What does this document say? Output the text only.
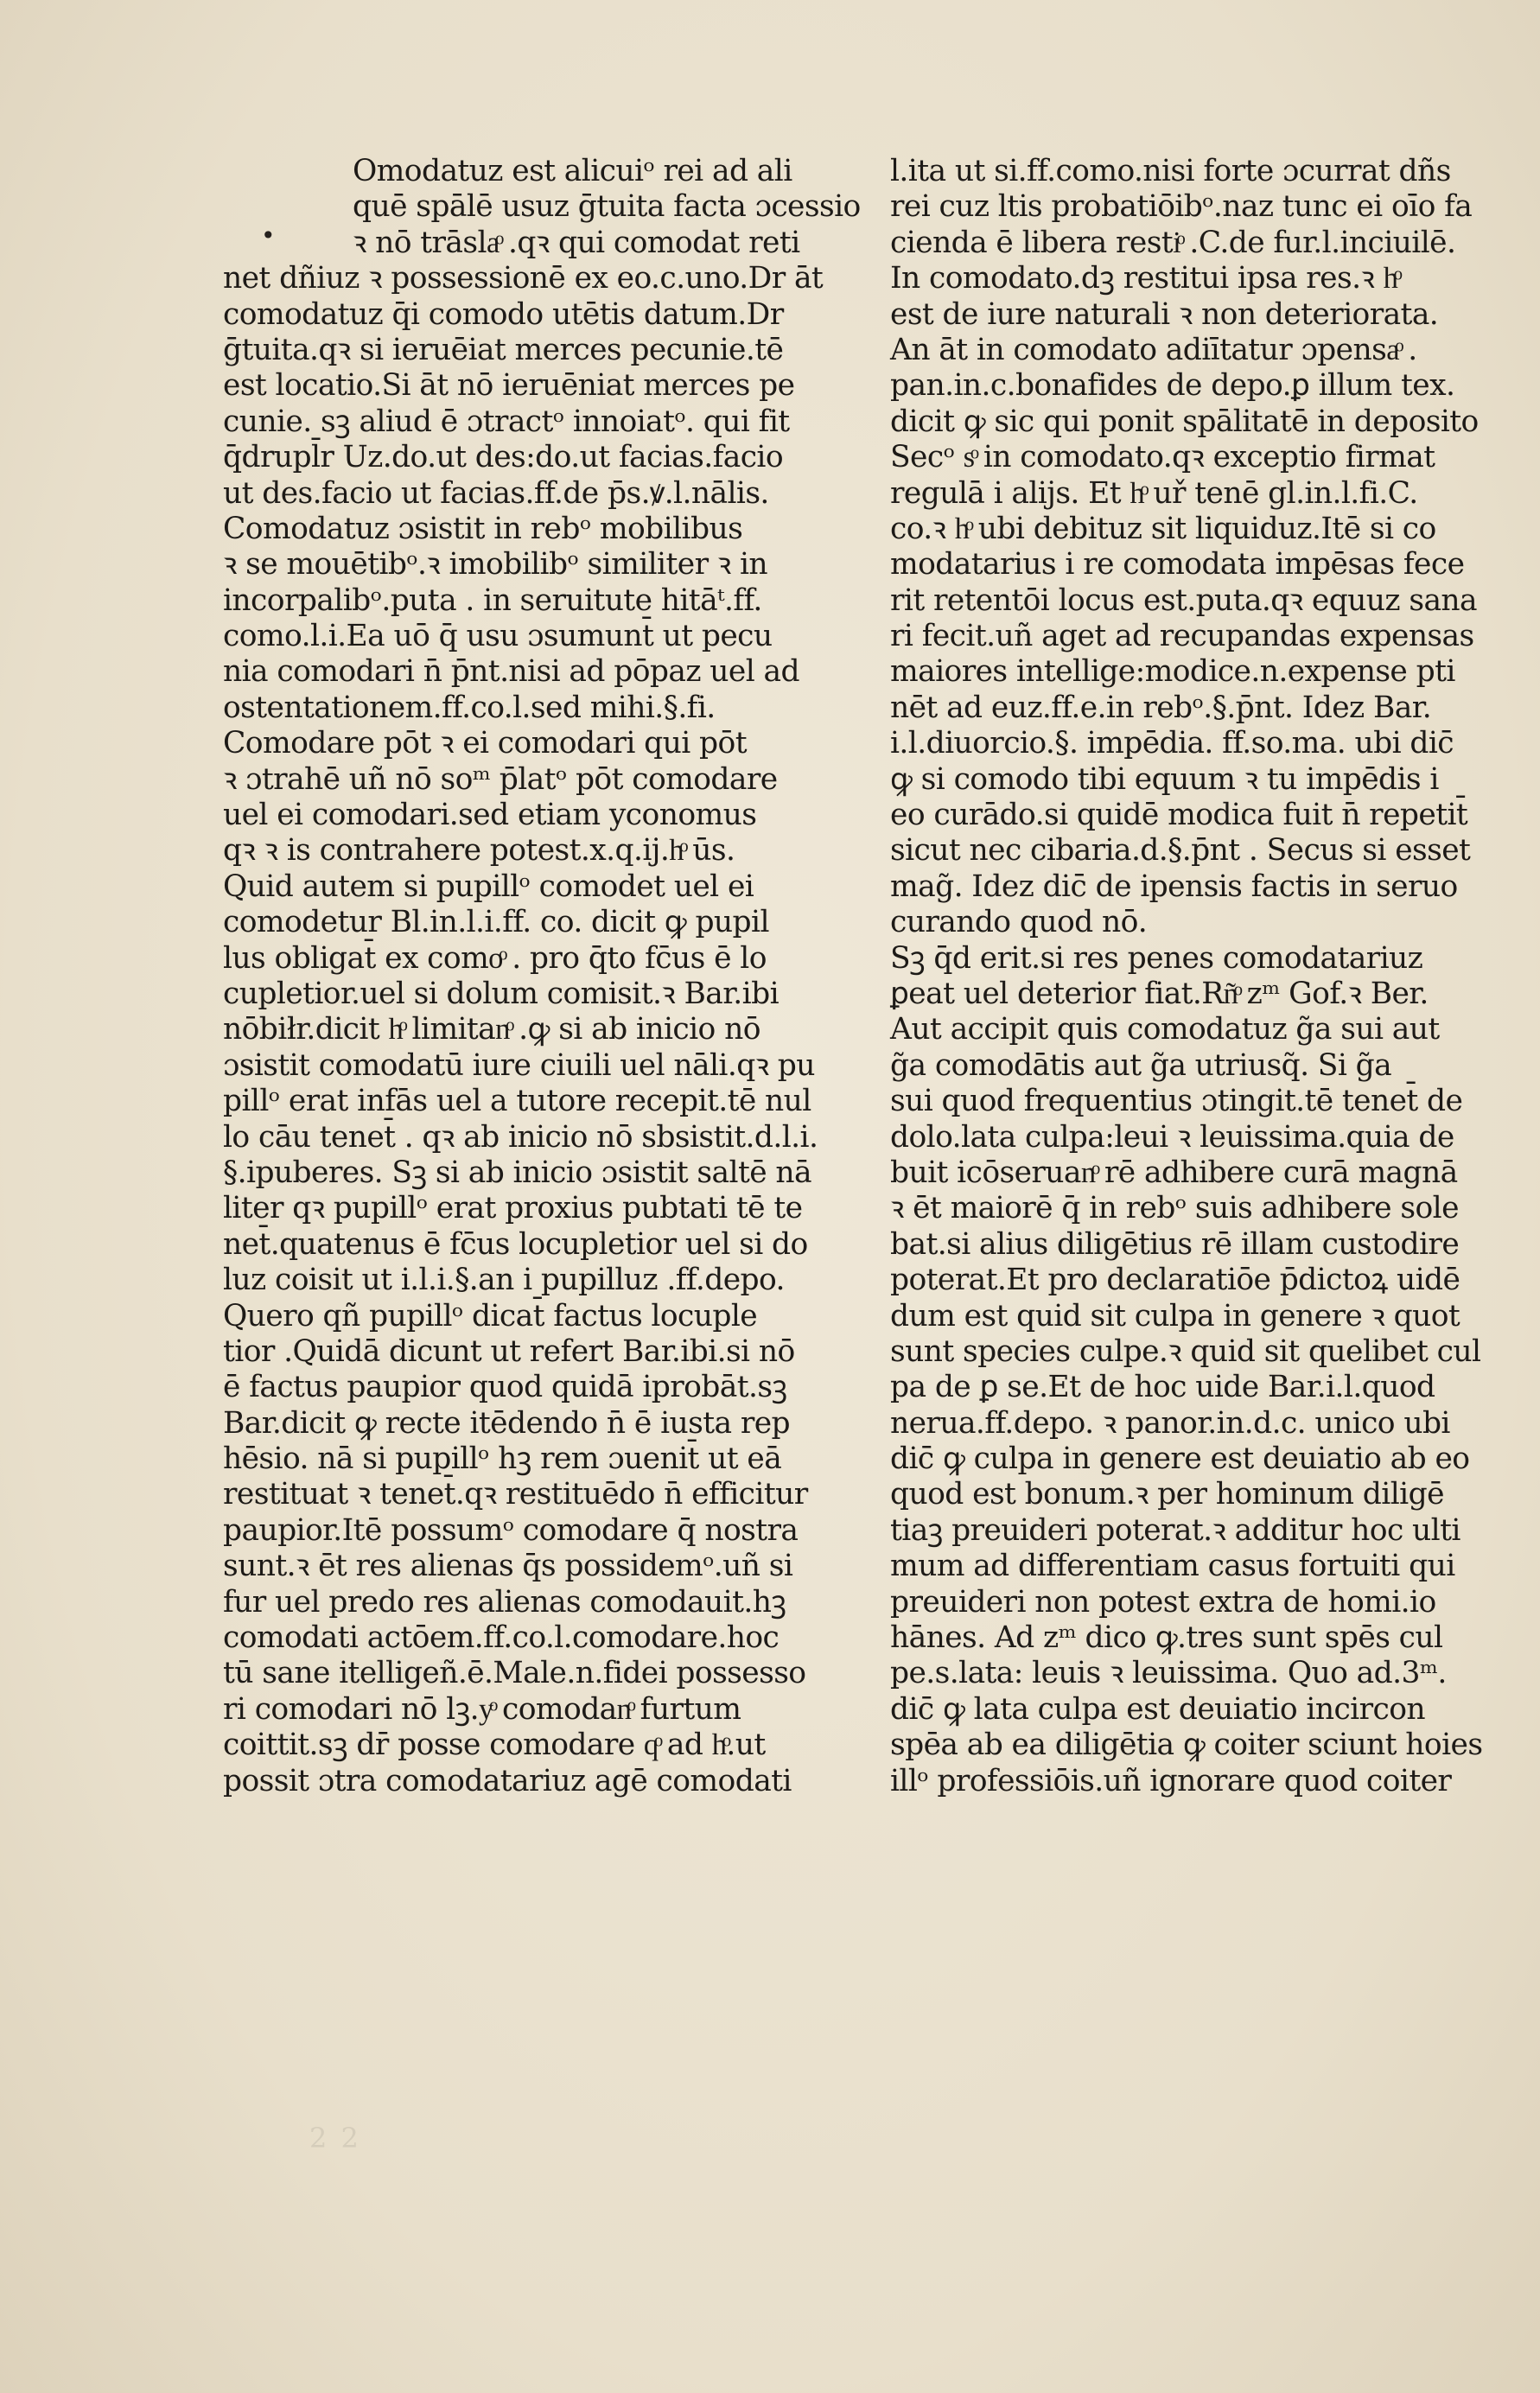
•
2 2
Omodatuz est alicuiᵒ rei ad ali
quē spālē usuz ḡtuita facta ɔcessio
ꝛ nō trāslaͦ .qꝛ qui comodat reti
net dñiuz ꝛ possessionē ex eo.c.uno.Dr āt
comodatuz q̄i comodo utētis datum.Dr
ḡtuita.qꝛ si ieruēiat merces pecunie.tē
est locatio.Si āt nō ieruēniat merces pe
cunie. sꝫ aliud ē ɔtractᵒ innoiatᵒ. qui fit
q̄drupl̄r Uz.do.ut des:do.ut facias.facio
ut des.facio ut facias.ff.de p̄s.ꝟ.l.nālis.
Comodatuz ɔsistit in rebᵒ mobilibus
ꝛ se mouētibᵒ.ꝛ imobilibᵒ similiter ꝛ in
incorpalibᵒ.puta . in seruitute hitāᵗ.ff.
como.l.i.Ea uō q̄ usu ɔsumunt̄ ut pecu
nia comodari n̄ p̄nt.nisi ad pōpaz uel ad
ostentationem.ff.co.l.sed mihi.§.fi.
Comodare pōt ꝛ ei comodari qui pōt
ꝛ ɔtrahē uñ nō soᵐ p̄latᵒ pōt comodare
uel ei comodari.sed etiam yconomus
qꝛ ꝛ is contrahere potest.x.q.ij.hͦ ūs.
Quid autem si pupillᵒ comodet uel ei
comodetur Bl.in.l.i.ff. co. dicit ꝙ pupil
lus obligat̄ ex comoͦ . pro q̄to fc̄us ē lo
cupletior.uel si dolum comisit.ꝛ Bar.ibi
nōbiłr.dicit hͦ limitanͦ .ꝙ si ab inicio nō
ɔsistit comodatū iure ciuili uel nāli.qꝛ pu
pillᵒ erat infās uel a tutore recepit.tē nul
lo cāu tenet̄ . qꝛ ab inicio nō sbsistit.d.l.i.
§.ipuberes. Sꝫ si ab inicio ɔsistit saltē nā
liter qꝛ pupillᵒ erat proxius pubtati tē te
net̄.quatenus ē fc̄us locupletior uel si do
luz coisit ut i.l.i.§.an i pupilluz .ff.depo.
Quero qñ pupillᵒ dicat̄ factus locuple
tior .Quidā dicunt ut refert Bar.ibi.si nō
ē factus paupior quod quidā iprobāt.sꝫ
Bar.dicit ꝙ recte itēdendo n̄ ē iusta rep
hēsio. nā si pupillᵒ hꝫ rem ɔuenit̄ ut eā
restituat ꝛ tenet̄.qꝛ restituēdo n̄ efficitur
paupior.Itē possumᵒ comodare q̄ nostra
sunt.ꝛ ēt res alienas q̄s possidemᵒ.uñ si
fur uel predo res alienas comodauit.hꝫ
comodati actōem.ff.co.l.comodare.hoc
tū sane itelligeñ.ē.Male.n.fidei possesso
ri comodari nō lꝫ.yͦ comodanͦ furtum
coittit.sꝫ dr̄ posse comodare qͦ ad hͦ.ut
possit ɔtra comodatariuz agē comodati
l.ita ut si.ff.como.nisi forte ɔcurrat dñs
rei cuz ltis probatiōibᵒ.naz tunc ei oīo fa
cienda ē libera restiͦ .C.de fur.l.inciuilē.
In comodato.dꝫ restitui ipsa res.ꝛ hͦ
est de iure naturali ꝛ non deteriorata.
An āt in comodato adiītatur ɔpensaͦ .
pan.in.c.bonafides de depo.ꝑ illum tex.
dicit ꝙ sic qui ponit spālitatē in deposito
Secᵒ sͦ in comodato.qꝛ exceptio firmat
regulā i alijs. Et hͦ uř tenē gl.in.l.fi.C.
co.ꝛ hͦ ubi debituz sit liquiduz.Itē si co
modatarius i re comodata impēsas fece
rit retentōi locus est.puta.qꝛ equuz sana
ri fecit.uñ aget ad recupandas expensas
maiores intellige:modice.n.expense pti
nēt ad euz.ff.e.in rebᵒ.§.p̄nt. Idez Bar.
i.l.diuorcio.§. impēdia. ff.so.ma. ubi dic̄
ꝙ si comodo tibi equum ꝛ tu impēdis i
eo curādo.si quidē modica fuit n̄ repetit̄
sicut nec cibaria.d.§.p̄nt . Secus si esset
mag̃. Idez dic̄ de ipensis factis in seruo
curando quod nō.
Sꝫ q̄d erit.si res penes comodatariuz
ꝑeat uel deterior fiat.Rñͦ zᵐ Gof.ꝛ Ber.
Aut accipit quis comodatuz g̃a sui aut
g̃a comodātis aut g̃a utriusq̃. Si g̃a
sui quod frequentius ɔtingit.tē tenet̄ de
dolo.lata culpa:leui ꝛ leuissima.quia de
buit icōseruanͦ rē adhibere curā magnā
ꝛ ēt maiorē q̄ in rebᵒ suis adhibere sole
bat.si alius diligētius rē illam custodire
poterat.Et pro declaratiōe p̄dictoꝝ uidē
dum est quid sit culpa in genere ꝛ quot
sunt species culpe.ꝛ quid sit quelibet cul
pa de ꝑ se.Et de hoc uide Bar.i.l.quod
nerua.ff.depo. ꝛ panor.in.d.c. unico ubi
dic̄ ꝙ culpa in genere est deuiatio ab eo
quod est bonum.ꝛ per hominum diligē
tiaꝫ preuideri poterat.ꝛ additur hoc ulti
mum ad differentiam casus fortuiti qui
preuideri non potest extra de homi.io
hānes. Ad zᵐ dico ꝙ.tres sunt spēs cul
pe.s.lata: leuis ꝛ leuissima. Quo ad.3ᵐ.
dic̄ ꝙ lata culpa est deuiatio incircon
spēa ab ea diligētia ꝙ coiter sciunt hoies
illᵒ professiōis.uñ ignorare quod coiter
